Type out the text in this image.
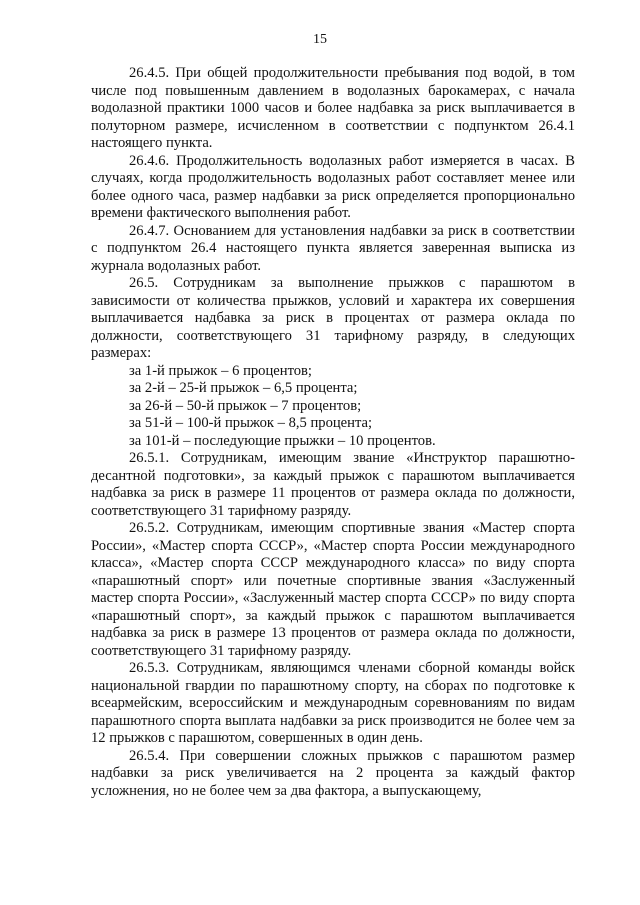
15

26.4.5. При общей продолжительности пребывания под водой, в том числе под повышенным давлением в водолазных барокамерах, с начала водолазной практики 1000 часов и более надбавка за риск выплачивается в полуторном размере, исчисленном в соответствии с подпунктом 26.4.1 настоящего пункта.

26.4.6. Продолжительность водолазных работ измеряется в часах. В случаях, когда продолжительность водолазных работ составляет менее или более одного часа, размер надбавки за риск определяется пропорционально времени фактического выполнения работ.

26.4.7. Основанием для установления надбавки за риск в соответствии с подпунктом 26.4 настоящего пункта является заверенная выписка из журнала водолазных работ.

26.5. Сотрудникам за выполнение прыжков с парашютом в зависимости от количества прыжков, условий и характера их совершения выплачивается надбавка за риск в процентах от размера оклада по должности, соответствующего 31 тарифному разряду, в следующих размерах:

за 1-й прыжок – 6 процентов;

за 2-й – 25-й прыжок – 6,5 процента;

за 26-й – 50-й прыжок – 7 процентов;

за 51-й – 100-й прыжок – 8,5 процента;

за 101-й – последующие прыжки – 10 процентов.

26.5.1. Сотрудникам, имеющим звание «Инструктор парашютно-десантной подготовки», за каждый прыжок с парашютом выплачивается надбавка за риск в размере 11 процентов от размера оклада по должности, соответствующего 31 тарифному разряду.

26.5.2. Сотрудникам, имеющим спортивные звания «Мастер спорта России», «Мастер спорта СССР», «Мастер спорта России международного класса», «Мастер спорта СССР международного класса» по виду спорта «парашютный спорт» или почетные спортивные звания «Заслуженный мастер спорта России», «Заслуженный мастер спорта СССР» по виду спорта «парашютный спорт», за каждый прыжок с парашютом выплачивается надбавка за риск в размере 13 процентов от размера оклада по должности, соответствующего 31 тарифному разряду.

26.5.3. Сотрудникам, являющимся членами сборной команды войск национальной гвардии по парашютному спорту, на сборах по подготовке к всеармейским, всероссийским и международным соревнованиям по видам парашютного спорта выплата надбавки за риск производится не более чем за 12 прыжков с парашютом, совершенных в один день.

26.5.4. При совершении сложных прыжков с парашютом размер надбавки за риск увеличивается на 2 процента за каждый фактор усложнения, но не более чем за два фактора, а выпускающему,
